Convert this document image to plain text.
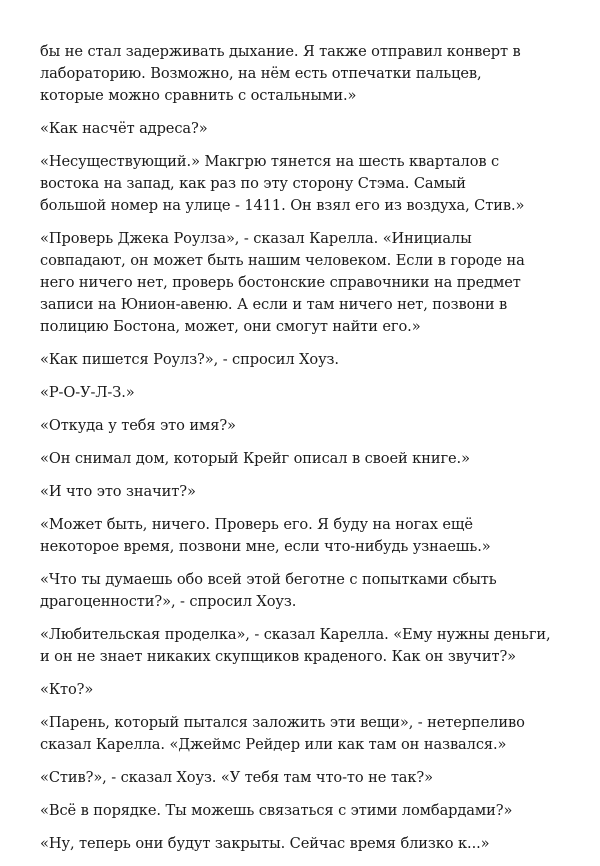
бы не стал задерживать дыхание. Я также отправил конверт в
лабораторию. Возможно, на нём есть отпечатки пальцев,
которые можно сравнить с остальными.»
«Как насчёт адреса?»
«Несуществующий.» Макгрю тянется на шесть кварталов с
востока на запад, как раз по эту сторону Стэма. Самый
большой номер на улице - 1411. Он взял его из воздуха, Стив.»
«Проверь Джека Роулза», - сказал Карелла. «Инициалы
совпадают, он может быть нашим человеком. Если в городе на
него ничего нет, проверь бостонские справочники на предмет
записи на Юнион-авеню. А если и там ничего нет, позвони в
полицию Бостона, может, они смогут найти его.»
«Как пишется Роулз?», - спросил Хоуз.
«Р-О-У-Л-З.»
«Откуда у тебя это имя?»
«Он снимал дом, который Крейг описал в своей книге.»
«И что это значит?»
«Может быть, ничего. Проверь его. Я буду на ногах ещё
некоторое время, позвони мне, если что-нибудь узнаешь.»
«Что ты думаешь обо всей этой беготне с попытками сбыть
драгоценности?», - спросил Хоуз.
«Любительская проделка», - сказал Карелла. «Ему нужны деньги,
и он не знает никаких скупщиков краденого. Как он звучит?»
«Кто?»
«Парень, который пытался заложить эти вещи», - нетерпеливо
сказал Карелла. «Джеймс Рейдер или как там он назвался.»
«Стив?», - сказал Хоуз. «У тебя там что-то не так?»
«Всё в порядке. Ты можешь связаться с этими ломбардами?»
«Ну, теперь они будут закрыты. Сейчас время близко к...»
